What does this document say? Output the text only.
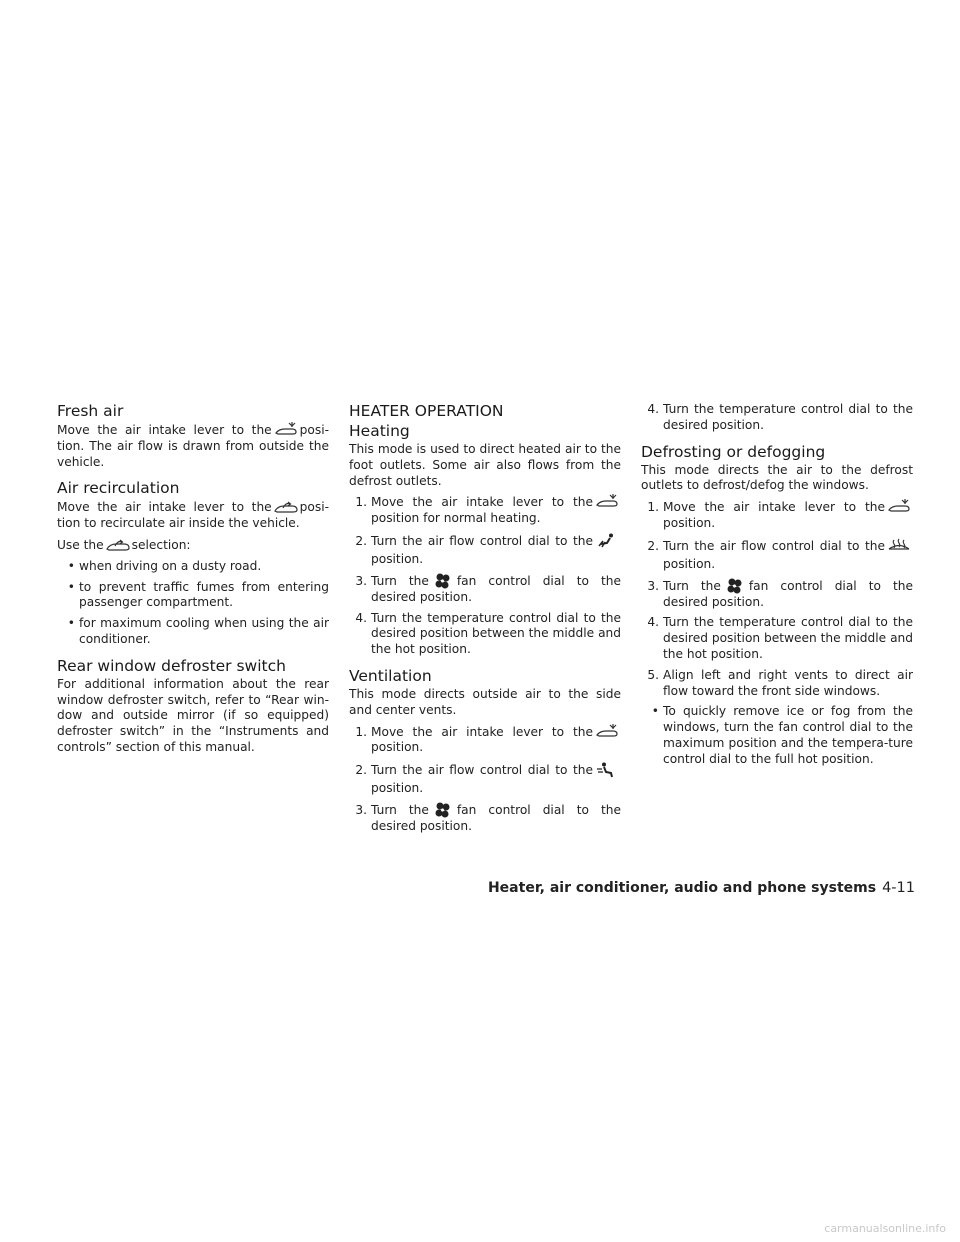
Fresh air

Move the air intake lever to the posi-tion. The air flow is drawn from outside the vehicle.

Air recirculation

Move the air intake lever to the posi-tion to recirculate air inside the vehicle.

Use the selection:

• when driving on a dusty road.
• to prevent traffic fumes from entering passenger compartment.
• for maximum cooling when using the air conditioner.
Rear window defroster switch

For additional information about the rear window defroster switch, refer to “Rear win-dow and outside mirror (if so equipped) defroster switch” in the “Instruments and controls” section of this manual.

HEATER OPERATION
Heating

This mode is used to direct heated air to the foot outlets. Some air also flows from the defrost outlets.

1. Move the air intake lever to the
position for normal heating.
2. Turn the air flow control dial to the
position.
3. Turn the fan control dial to the desired position.
4. Turn the temperature control dial to the desired position between the middle and the hot position.
Ventilation

This mode directs outside air to the side and center vents.

1. Move the air intake lever to the
position.
2. Turn the air flow control dial to the
position.
3. Turn the fan control dial to the desired position.
4. Turn the temperature control dial to the desired position.
Defrosting or defogging

This mode directs the air to the defrost outlets to defrost/defog the windows.

1. Move the air intake lever to the
position.
2. Turn the air flow control dial to the
position.
3. Turn the fan control dial to the desired position.
4. Turn the temperature control dial to the desired position between the middle and the hot position.
5. Align left and right vents to direct air flow toward the front side windows.
• To quickly remove ice or fog from the windows, turn the fan control dial to the maximum position and the tempera-ture control dial to the full hot position.
Heater, air conditioner, audio and phone systems 4-11
carmanualsonline.info
